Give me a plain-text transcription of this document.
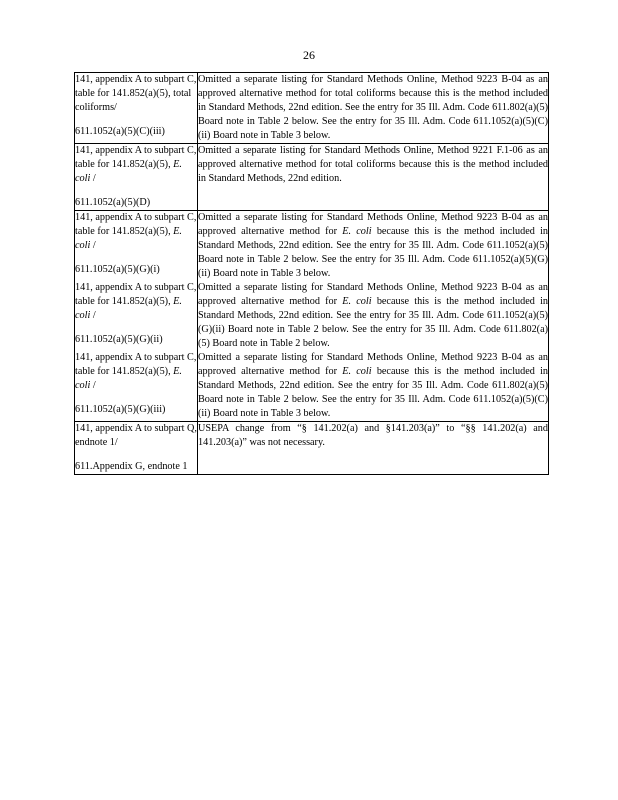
26
141, appendix A to subpart C, table for 141.852(a)(5), total coliforms/
611.1052(a)(5)(C)(iii)	Omitted a separate listing for Standard Methods Online, Method 9223 B-04 as an approved alternative method for total coliforms because this is the method included in Standard Methods, 22nd edition. See the entry for 35 Ill. Adm. Code 611.802(a)(5) Board note in Table 2 below. See the entry for 35 Ill. Adm. Code 611.1052(a)(5)(C)(ii) Board note in Table 3 below.

141, appendix A to subpart C, table for 141.852(a)(5), E. coli /
611.1052(a)(5)(D)	Omitted a separate listing for Standard Methods Online, Method 9221 F.1-06 as an approved alternative method for total coliforms because this is the method included in Standard Methods, 22nd edition.

141, appendix A to subpart C, table for 141.852(a)(5), E. coli /
611.1052(a)(5)(G)(i)	Omitted a separate listing for Standard Methods Online, Method 9223 B-04 as an approved alternative method for E. coli because this is the method included in Standard Methods, 22nd edition. See the entry for 35 Ill. Adm. Code 611.1052(a)(5) Board note in Table 2 below. See the entry for 35 Ill. Adm. Code 611.1052(a)(5)(G)(ii) Board note in Table 3 below.

141, appendix A to subpart C, table for 141.852(a)(5), E. coli /
611.1052(a)(5)(G)(ii)	Omitted a separate listing for Standard Methods Online, Method 9223 B-04 as an approved alternative method for E. coli because this is the method included in Standard Methods, 22nd edition. See the entry for 35 Ill. Adm. Code 611.1052(a)(5)(G)(ii) Board note in Table 2 below. See the entry for 35 Ill. Adm. Code 611.802(a)(5) Board note in Table 2 below.

141, appendix A to subpart C, table for 141.852(a)(5), E. coli /
611.1052(a)(5)(G)(iii)	Omitted a separate listing for Standard Methods Online, Method 9223 B-04 as an approved alternative method for E. coli because this is the method included in Standard Methods, 22nd edition. See the entry for 35 Ill. Adm. Code 611.802(a)(5) Board note in Table 2 below. See the entry for 35 Ill. Adm. Code 611.1052(a)(5)(C)(ii) Board note in Table 3 below.

141, appendix A to subpart Q, endnote 1/
611.Appendix G, endnote 1	USEPA change from “§ 141.202(a) and §141.203(a)” to “§§ 141.202(a) and 141.203(a)” was not necessary.
